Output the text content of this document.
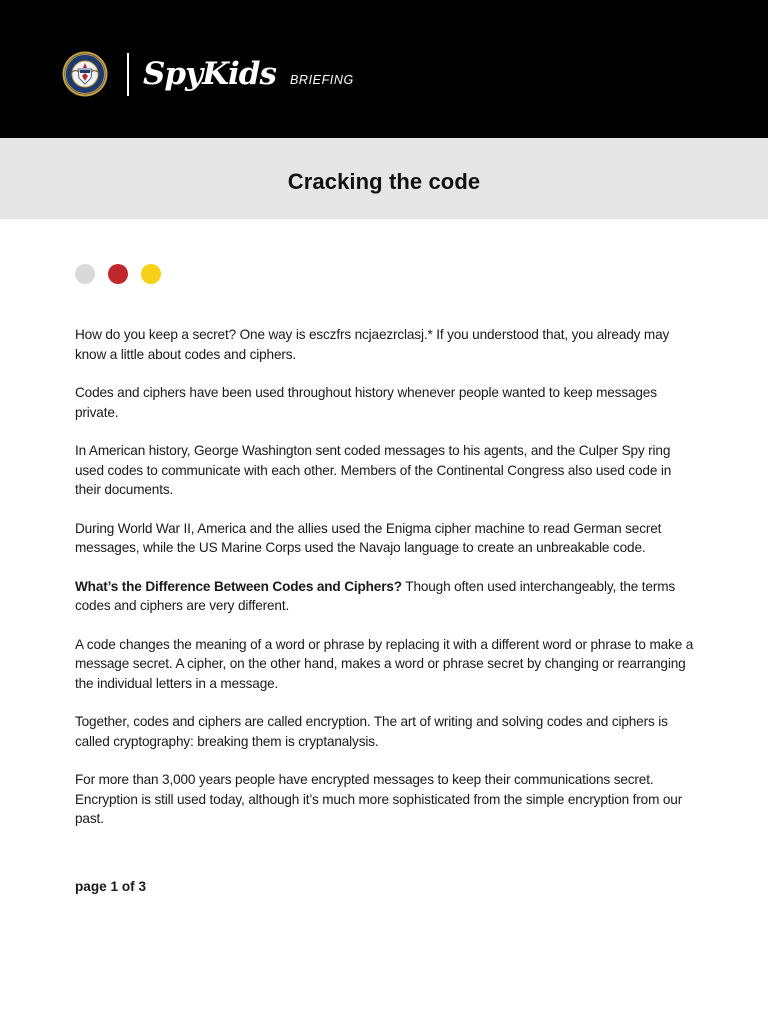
SpyKids BRIEFING
Cracking the code

How do you keep a secret? One way is esczfrs ncjaezrclasj.* If you understood that, you already may know a little about codes and ciphers.

Codes and ciphers have been used throughout history whenever people wanted to keep messages private.

In American history, George Washington sent coded messages to his agents, and the Culper Spy ring used codes to communicate with each other. Members of the Continental Congress also used code in their documents.

During World War II, America and the allies used the Enigma cipher machine to read German secret messages, while the US Marine Corps used the Navajo language to create an unbreakable code.

What’s the Difference Between Codes and Ciphers? Though often used interchangeably, the terms codes and ciphers are very different.

A code changes the meaning of a word or phrase by replacing it with a different word or phrase to make a message secret. A cipher, on the other hand, makes a word or phrase secret by changing or rearranging the individual letters in a message.

Together, codes and ciphers are called encryption. The art of writing and solving codes and ciphers is called cryptography: breaking them is cryptanalysis.

For more than 3,000 years people have encrypted messages to keep their communications secret. Encryption is still used today, although it’s much more sophisticated from the simple encryption from our past.

page 1 of 3
